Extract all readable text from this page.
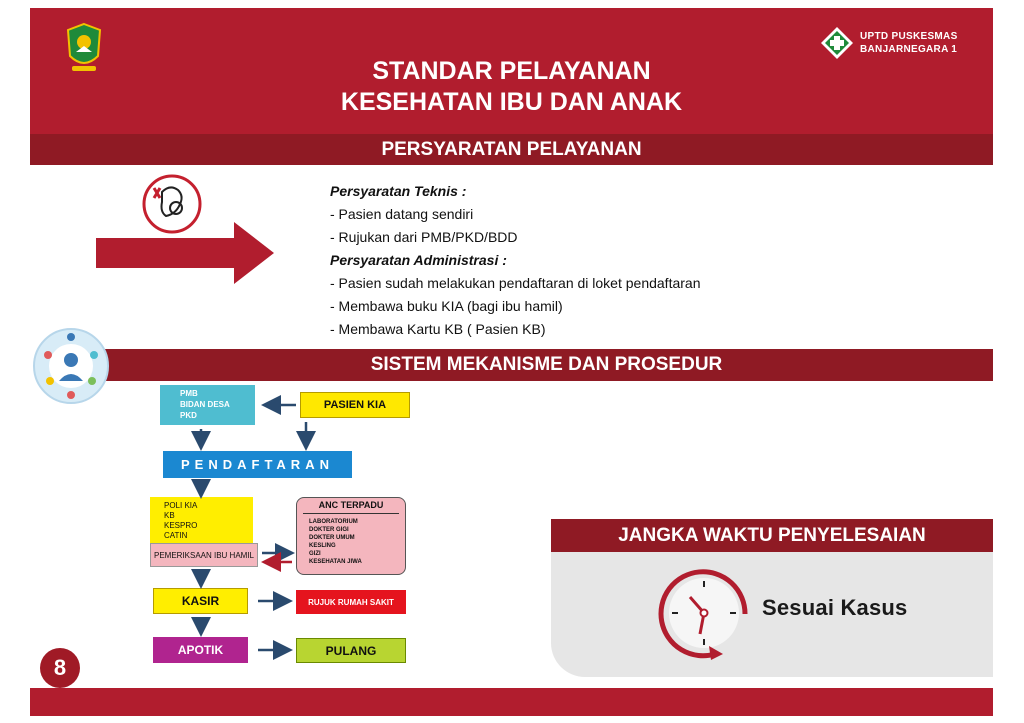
UPTD PUSKESMAS
BANJARNEGARA 1
STANDAR PELAYANAN
KESEHATAN IBU DAN ANAK
PERSYARATAN PELAYANAN
Persyaratan Teknis :
- Pasien datang sendiri
- Rujukan dari PMB/PKD/BDD
Persyaratan Administrasi :
- Pasien sudah melakukan pendaftaran di loket pendaftaran
- Membawa buku KIA (bagi ibu hamil)
- Membawa Kartu KB ( Pasien KB)
SISTEM MEKANISME DAN PROSEDUR
PMB
BIDAN DESA
PKD
PASIEN KIA
PENDAFTARAN
POLI KIA
KB
KESPRO
CATIN
PEMERIKSAAN IBU HAMIL
ANC TERPADU
LABORATORIUM
DOKTER GIGI
DOKTER UMUM
KESLING
GIZI
KESEHATAN JIWA
KASIR	RUJUK RUMAH SAKIT
APOTIK	PULANG
JANGKA WAKTU PENYELESAIAN
Sesuai Kasus
8
